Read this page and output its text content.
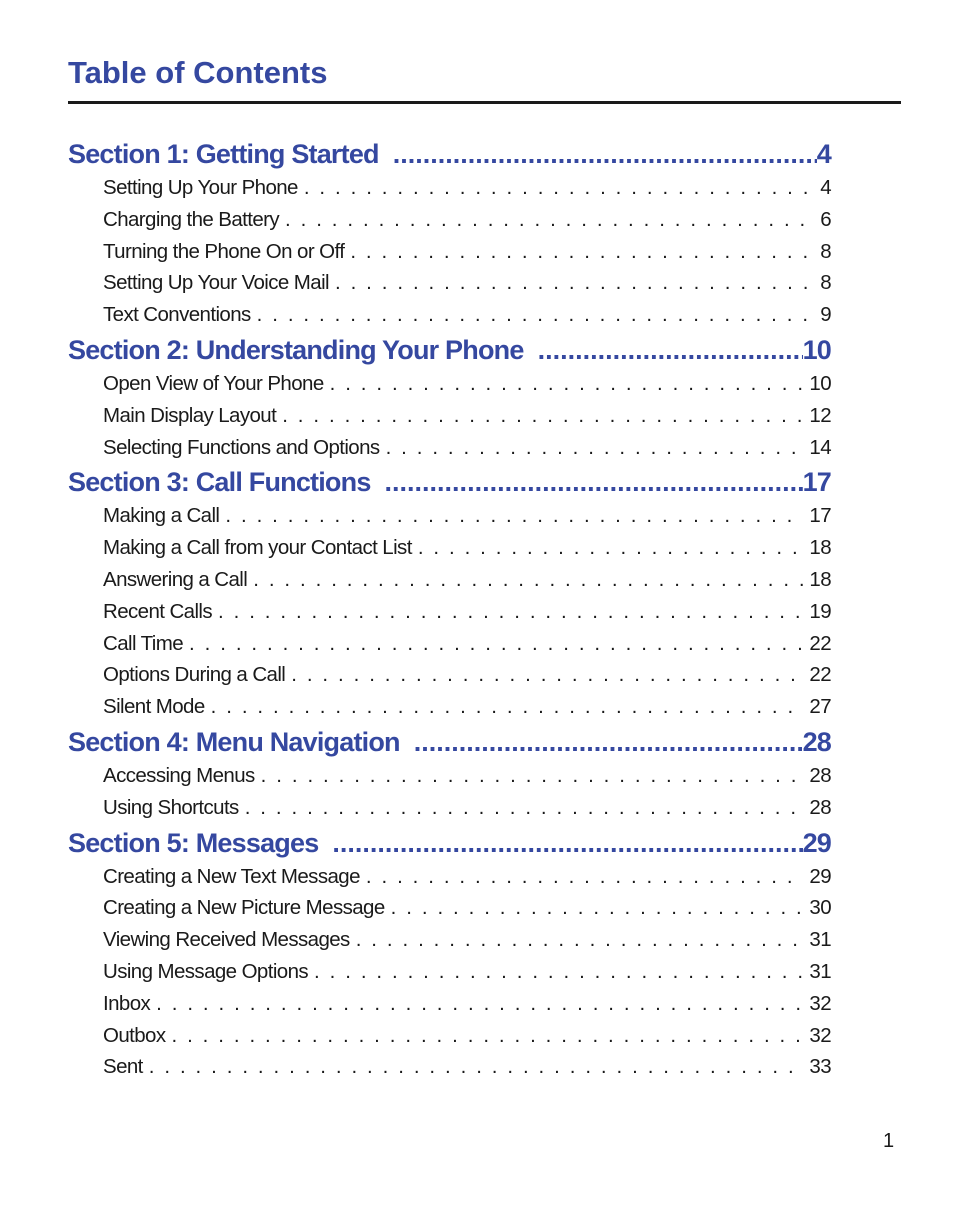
Table of Contents
Section 1: Getting Started .....	4
Setting Up Your Phone . . .	4
Charging the Battery . . .	6
Turning the Phone On or Off . . .	8
Setting Up Your Voice Mail . . .	8
Text Conventions . . .	9
Section 2: Understanding Your Phone .....	10
Open View of Your Phone . . .	10
Main Display Layout . . .	12
Selecting Functions and Options . . .	14
Section 3: Call Functions .....	17
Making a Call . . .	17
Making a Call from your Contact List . . .	18
Answering a Call . . .	18
Recent Calls . . .	19
Call Time . . .	22
Options During a Call . . .	22
Silent Mode . . .	27
Section 4: Menu Navigation .....	28
Accessing Menus . . .	28
Using Shortcuts . . .	28
Section 5: Messages .....	29
Creating a New Text Message . . .	29
Creating a New Picture Message . . .	30
Viewing Received Messages . . .	31
Using Message Options . . .	31
Inbox . . .	32
Outbox . . .	32
Sent . . .	33
1
